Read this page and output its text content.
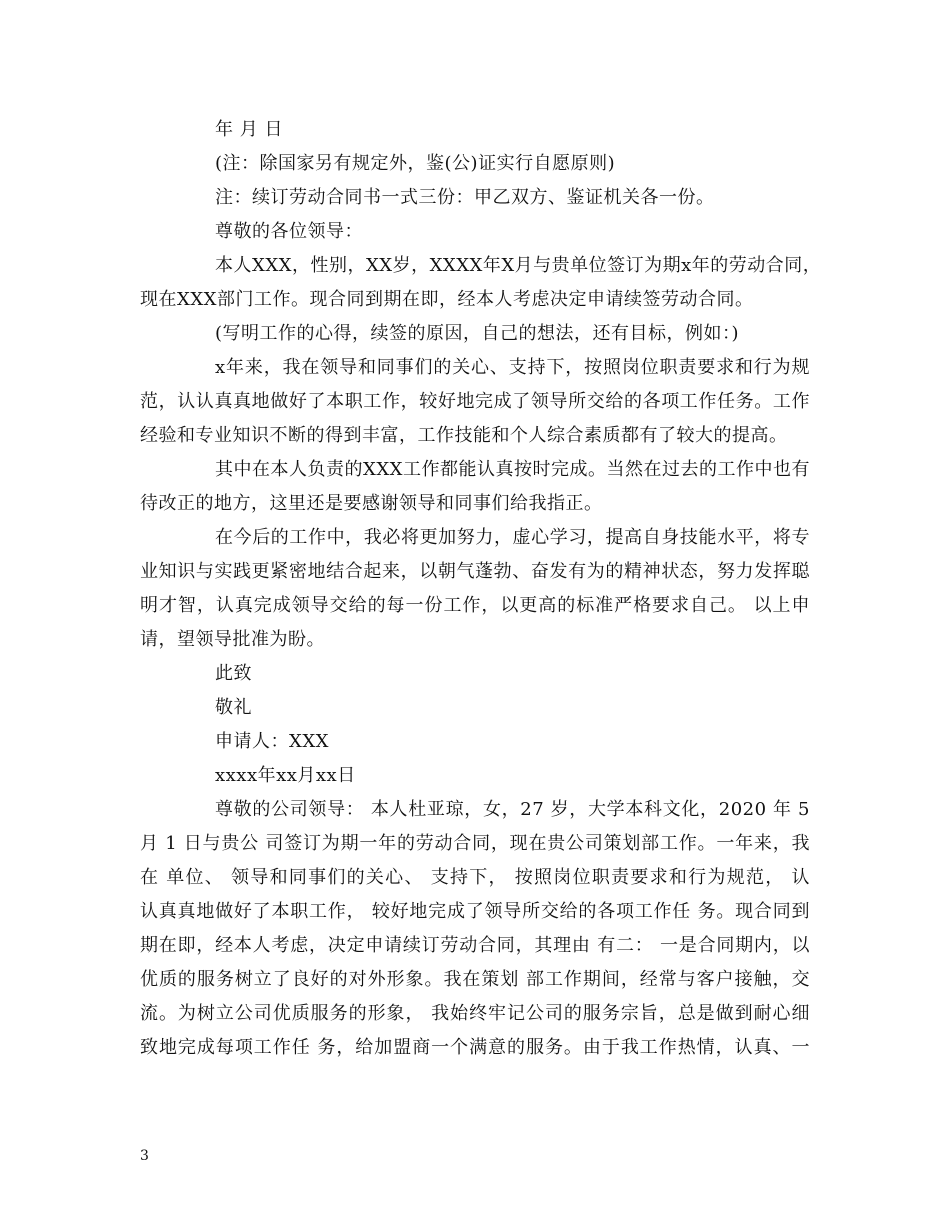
年 月 日
(注：除国家另有规定外，鉴(公)证实行自愿原则)
注：续订劳动合同书一式三份：甲乙双方、鉴证机关各一份。
尊敬的各位领导：
本人XXX，性别，XX岁，XXXX年X月与贵单位签订为期x年的劳动合同，
现在XXX部门工作。现合同到期在即，经本人考虑决定申请续签劳动合同。
(写明工作的心得，续签的原因，自己的想法，还有目标，例如：)
x年来，我在领导和同事们的关心、支持下，按照岗位职责要求和行为规
范，认认真真地做好了本职工作，较好地完成了领导所交给的各项工作任务。工作
经验和专业知识不断的得到丰富，工作技能和个人综合素质都有了较大的提高。
其中在本人负责的XXX工作都能认真按时完成。当然在过去的工作中也有
待改正的地方，这里还是要感谢领导和同事们给我指正。
在今后的工作中，我必将更加努力，虚心学习，提高自身技能水平，将专
业知识与实践更紧密地结合起来，以朝气蓬勃、奋发有为的精神状态，努力发挥聪
明才智，认真完成领导交给的每一份工作，以更高的标准严格要求自己。 以上申
请，望领导批准为盼。
此致
敬礼
申请人：XXX
xxxx年xx月xx日
尊敬的公司领导： 本人杜亚琼，女，27 岁，大学本科文化，2020 年 5
月 1 日与贵公 司签订为期一年的劳动合同，现在贵公司策划部工作。一年来，我
在 单位、 领导和同事们的关心、 支持下， 按照岗位职责要求和行为规范， 认
认真真地做好了本职工作， 较好地完成了领导所交给的各项工作任 务。现合同到
期在即，经本人考虑，决定申请续订劳动合同，其理由 有二： 一是合同期内，以
优质的服务树立了良好的对外形象。我在策划 部工作期间，经常与客户接触，交
流。为树立公司优质服务的形象， 我始终牢记公司的服务宗旨，总是做到耐心细
致地完成每项工作任 务，给加盟商一个满意的服务。由于我工作热情，认真、一
3
